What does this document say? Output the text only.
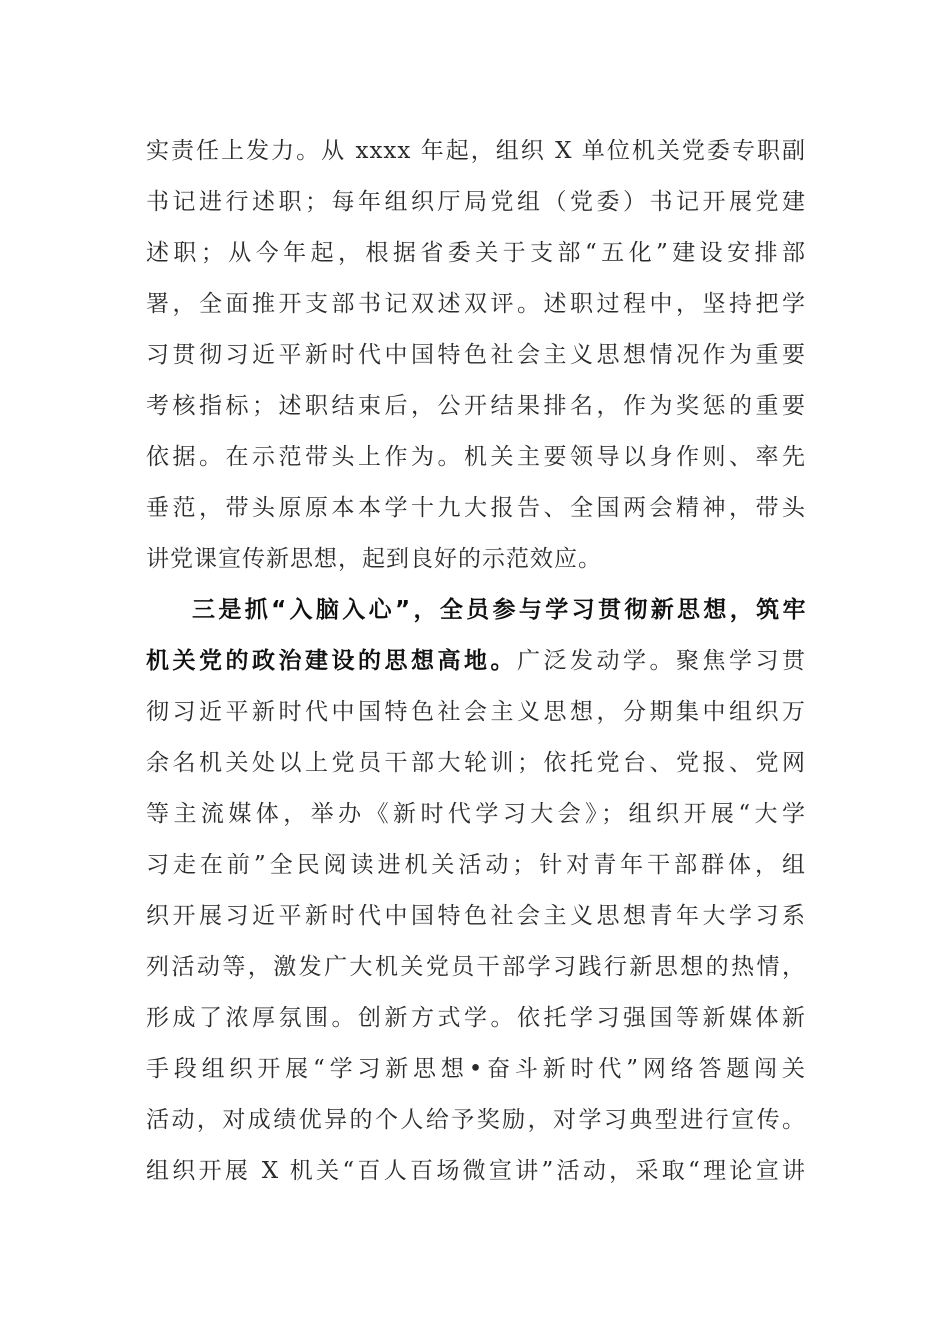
实责任上发力。从 xxxx 年起，组织 X 单位机关党委专职副
书记进行述职；每年组织厅局党组（党委）书记开展党建
述职；从今年起，根据省委关于支部“五化”建设安排部
署，全面推开支部书记双述双评。述职过程中，坚持把学
习贯彻习近平新时代中国特色社会主义思想情况作为重要
考核指标；述职结束后，公开结果排名，作为奖惩的重要
依据。在示范带头上作为。机关主要领导以身作则、率先
垂范，带头原原本本学十九大报告、全国两会精神，带头
讲党课宣传新思想，起到良好的示范效应。
三是抓“入脑入心”，全员参与学习贯彻新思想，筑牢
机关党的政治建设的思想高地。广泛发动学。聚焦学习贯
彻习近平新时代中国特色社会主义思想，分期集中组织万
余名机关处以上党员干部大轮训；依托党台、党报、党网
等主流媒体，举办《新时代学习大会》；组织开展“大学
习走在前”全民阅读进机关活动；针对青年干部群体，组
织开展习近平新时代中国特色社会主义思想青年大学习系
列活动等，激发广大机关党员干部学习践行新思想的热情，
形成了浓厚氛围。创新方式学。依托学习强国等新媒体新
手段组织开展“学习新思想•奋斗新时代”网络答题闯关
活动，对成绩优异的个人给予奖励，对学习典型进行宣传。
组织开展 X 机关“百人百场微宣讲”活动，采取“理论宣讲
